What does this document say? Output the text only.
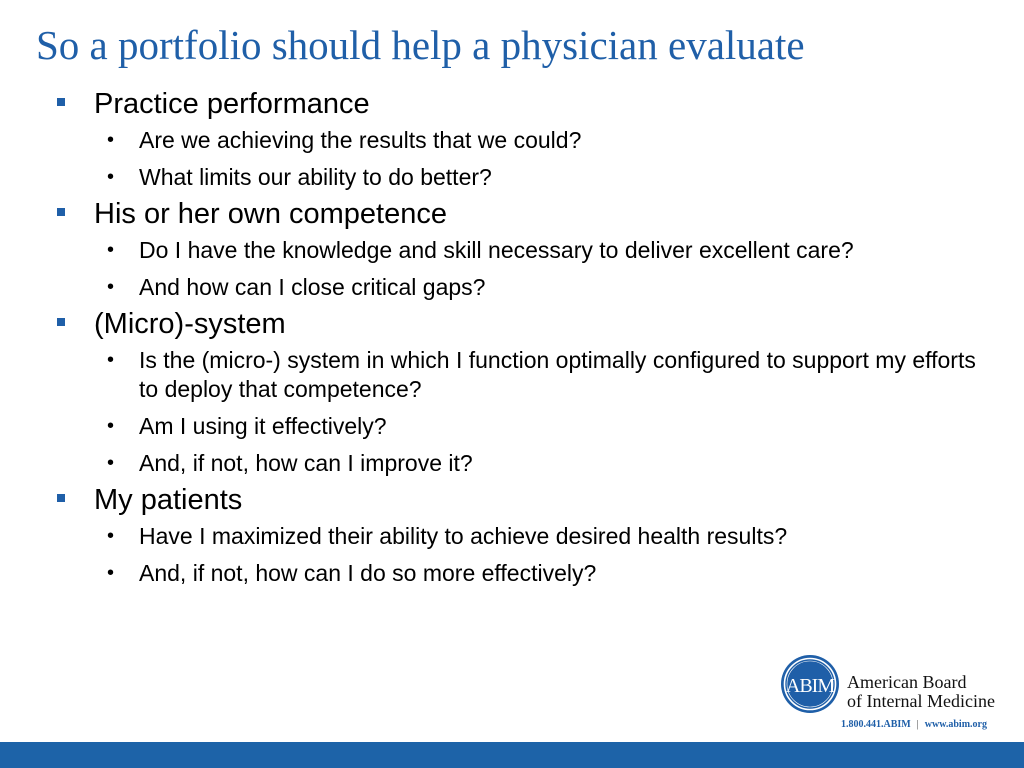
So a portfolio should help a physician evaluate
Practice performance
• Are we achieving the results that we could?
• What limits our ability to do better?
His or her own competence
• Do I have the knowledge and skill necessary to deliver excellent care?
• And how can I close critical gaps?
(Micro)-system
• Is the (micro-) system in which I function optimally configured to support my efforts to deploy that competence?
• Am I using it effectively?
• And, if not, how can I improve it?
My patients
• Have I maximized their ability to achieve desired health results?
• And, if not, how can I do so more effectively?
ABIM American Board
of Internal Medicine
1.800.441.ABIM | www.abim.org
